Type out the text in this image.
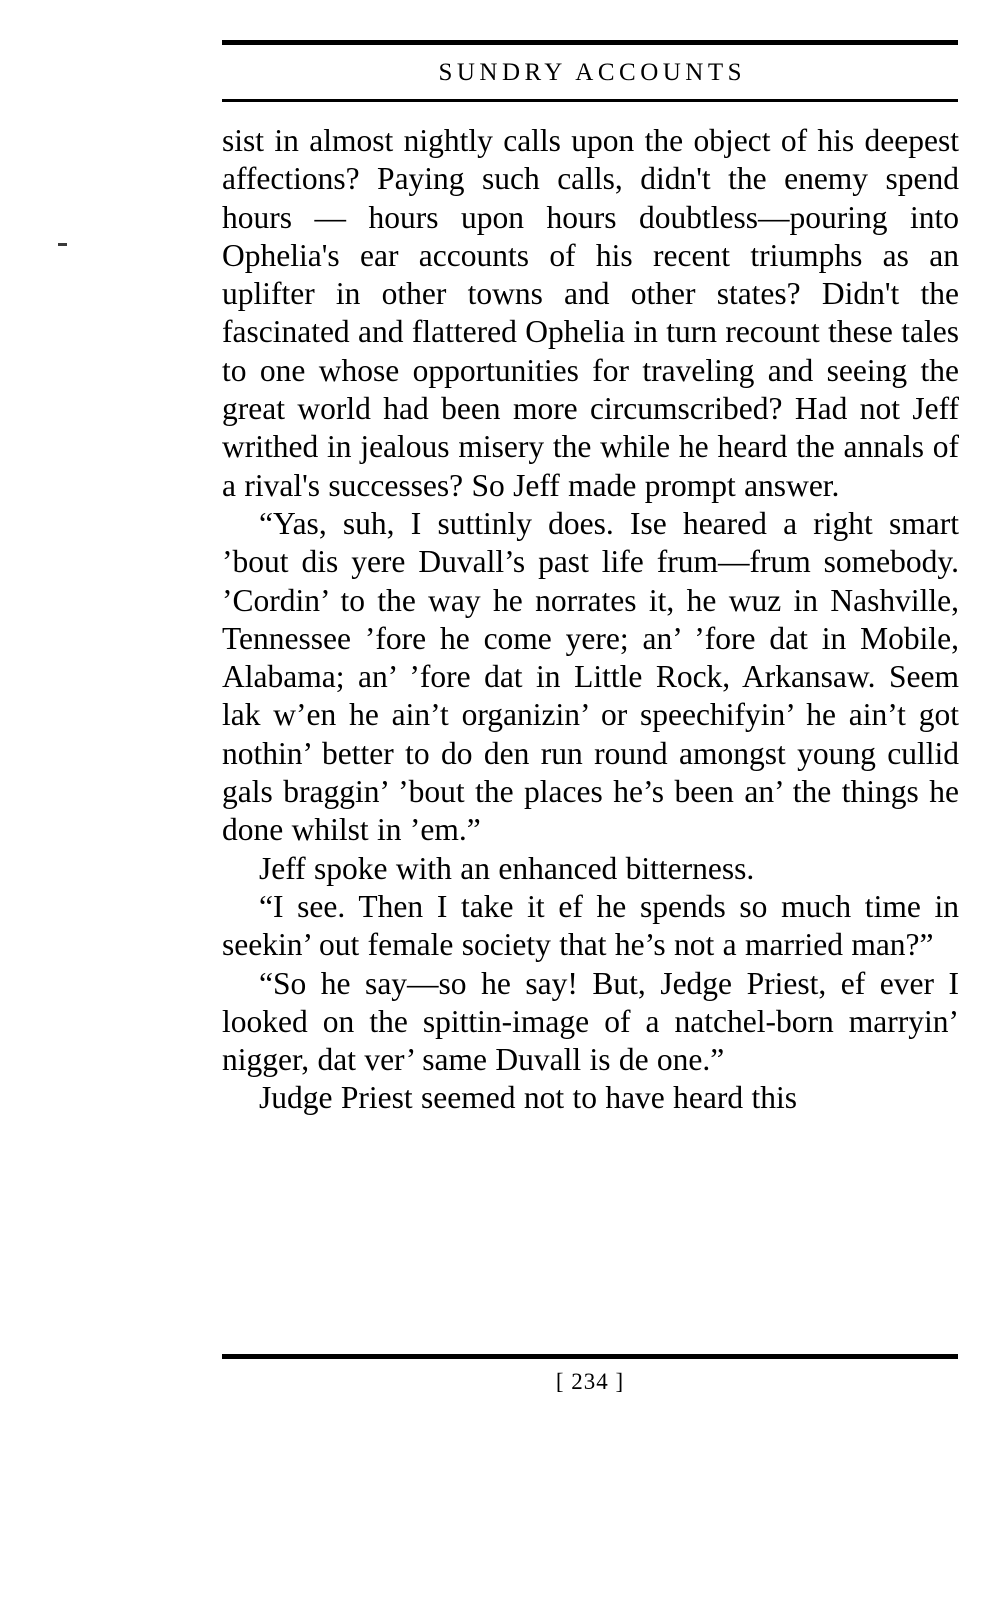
SUNDRY ACCOUNTS

sist in almost nightly calls upon the object of his deepest affections? Paying such calls, didn't the enemy spend hours — hours upon hours doubtless—pouring into Ophelia's ear accounts of his recent triumphs as an uplifter in other towns and other states? Didn't the fascinated and flattered Ophelia in turn recount these tales to one whose opportunities for traveling and seeing the great world had been more circumscribed? Had not Jeff writhed in jealous misery the while he heard the annals of a rival's successes? So Jeff made prompt answer.

“Yas, suh, I suttinly does. Ise heared a right smart ’bout dis yere Duvall’s past life frum—frum somebody. ’Cordin’ to the way he norrates it, he wuz in Nashville, Tennessee ’fore he come yere; an’ ’fore dat in Mobile, Alabama; an’ ’fore dat in Little Rock, Arkansaw. Seem lak w’en he ain’t organizin’ or speechifyin’ he ain’t got nothin’ better to do den run round amongst young cullid gals braggin’ ’bout the places he’s been an’ the things he done whilst in ’em.”

Jeff spoke with an enhanced bitterness.

“I see. Then I take it ef he spends so much time in seekin’ out female society that he’s not a married man?”

“So he say—so he say! But, Jedge Priest, ef ever I looked on the spittin-image of a natchel-born marryin’ nigger, dat ver’ same Duvall is de one.”

Judge Priest seemed not to have heard this

[ 234 ]
